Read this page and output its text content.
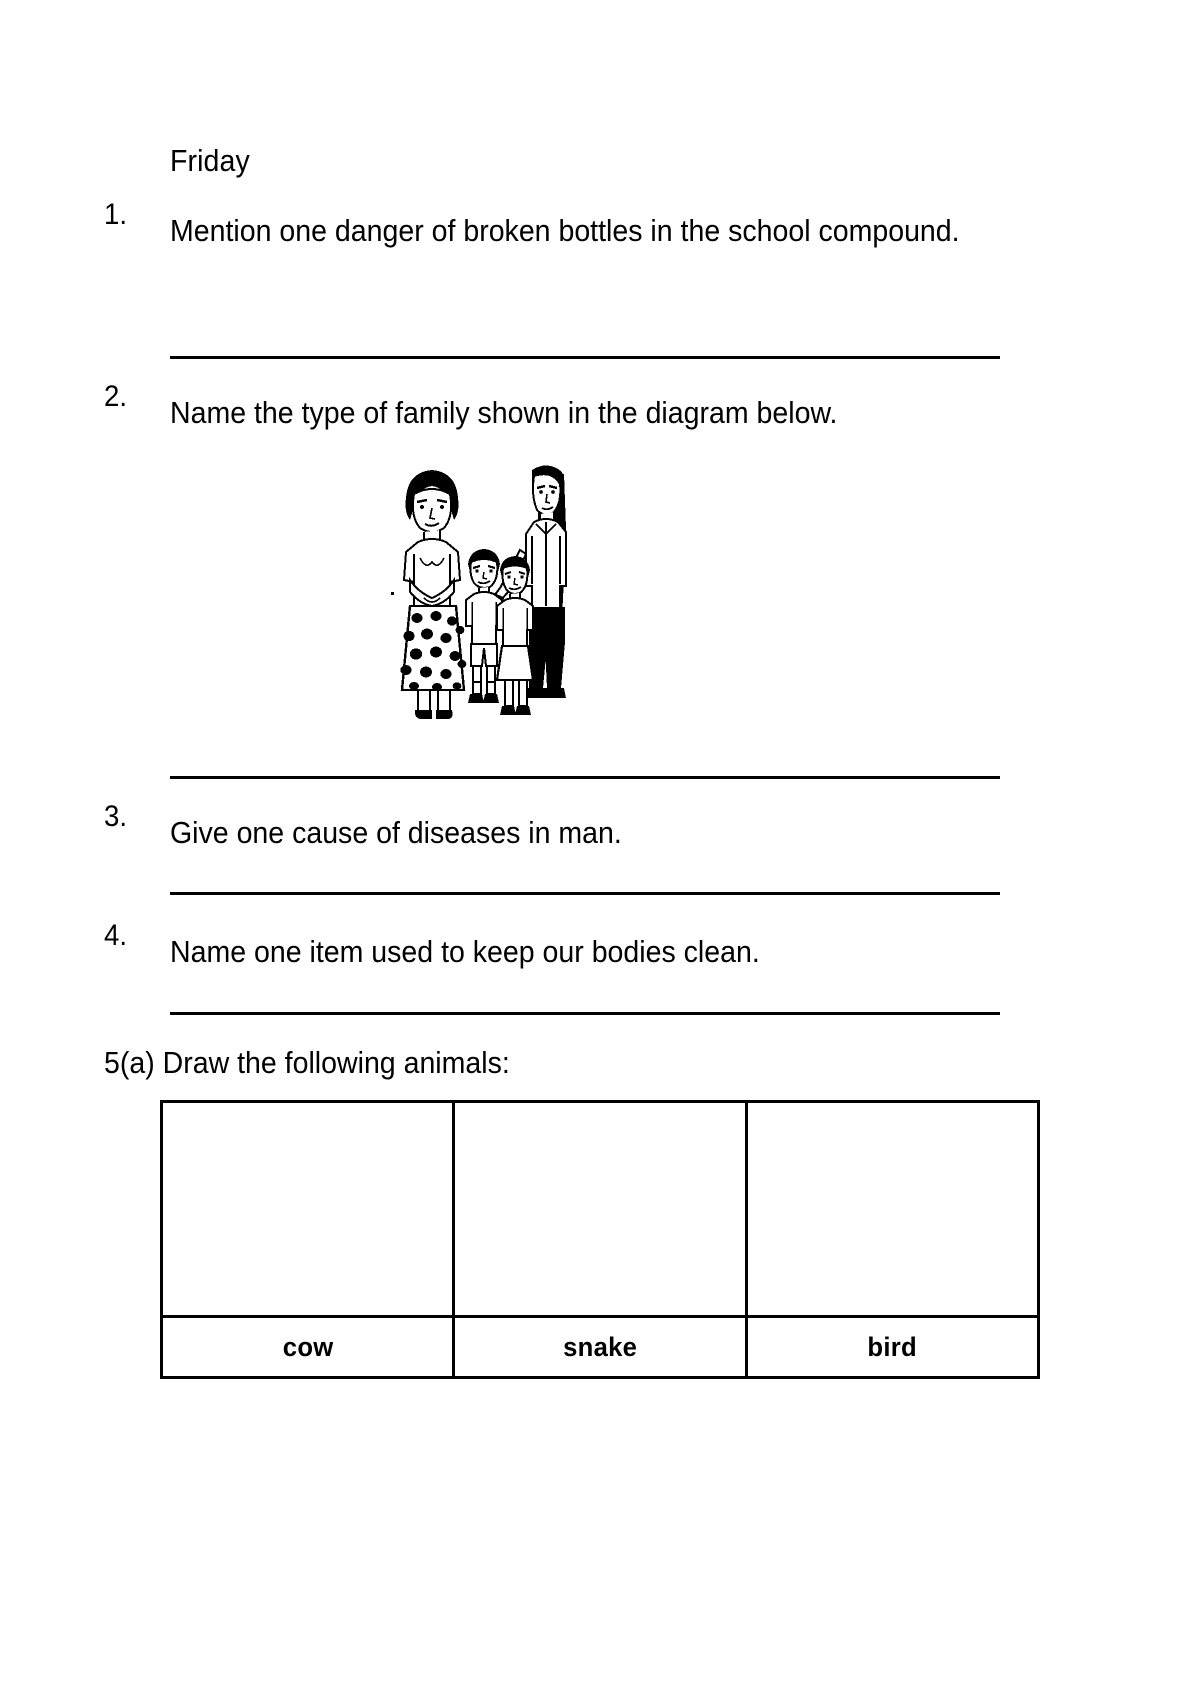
Friday
1.	Mention one danger of broken bottles in the school compound.
2.	Name the type of family shown in the diagram below.
3.	Give one cause of diseases in man.
4.	Name one item used to keep our bodies clean.
5(a) Draw the following animals:

cow	snake	bird
